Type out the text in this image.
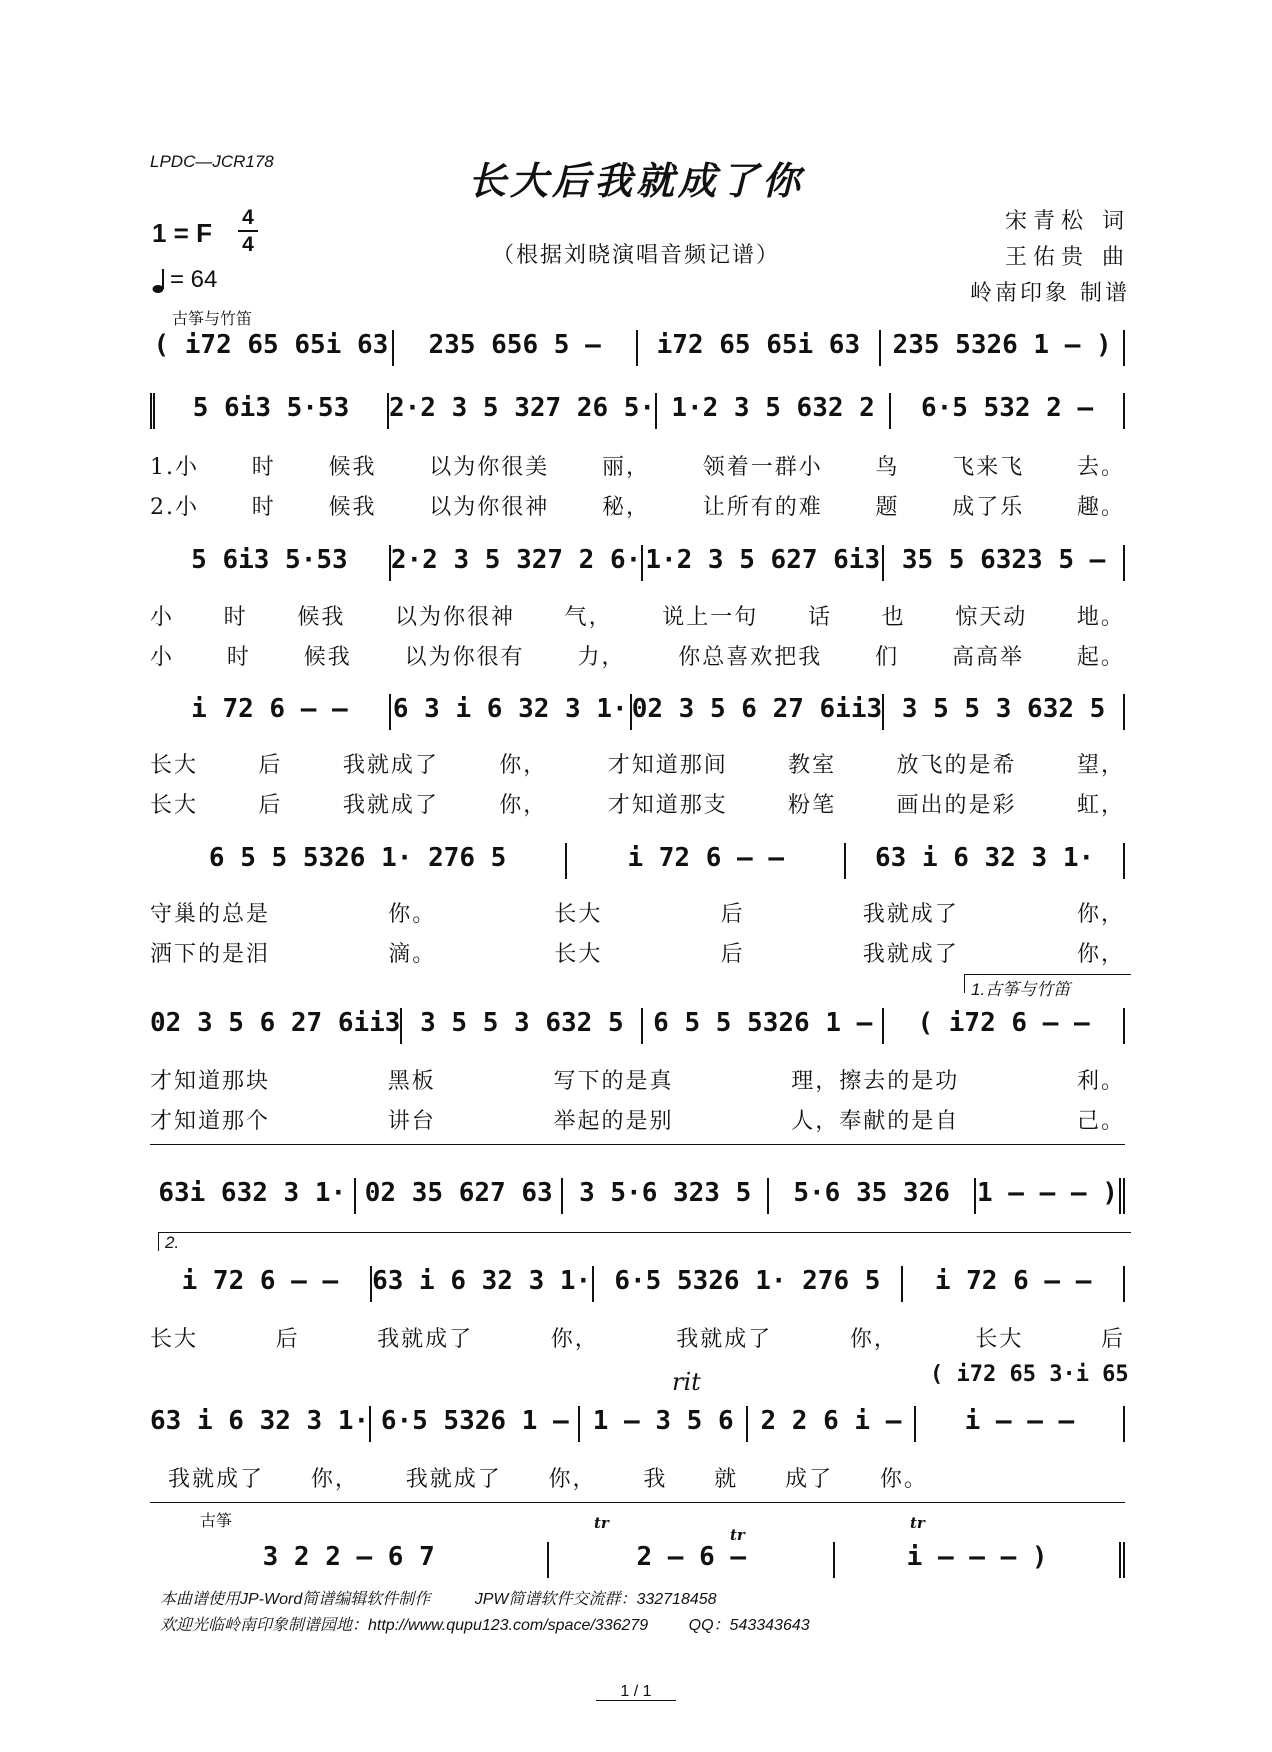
LPDC—JCR178	长大后我就成了你
（根据刘晓演唱音频记谱）
宋青松 词
王佑贵 曲
岭南印象 制谱
1 = F
4
4
= 64
古筝与竹笛
( i72 65 65i 63	235 656 5 –	i72 65 65i 63	235 5326 1 – )
5 6i3 5·53	2·2 3 5 327 26 5· 1·2 3 5 632 2	6·5 532 2 –
1.小 时 候我 以为你很美 丽， 领着一群小 鸟 飞来飞 去。
2.小 时 候我 以为你很神 秘， 让所有的难 题 成了乐 趣。
5 6i3 5·53	2·2 3 5 327 2 6· 1·2 3 5 627 6i3 35 5 6323 5 –
小 时 候我 以为你很神 气， 说上一句 话 也 惊天动 地。
小 时 候我 以为你很有 力， 你总喜欢把我 们 高高举 起。
i 72 6 – –	6 3 i 6 32 3 1· 02 3 5 6 27 6ii3 3 5 5 3 632 5
长大	后	我就成了	你，	才知道那间	教室	放飞的是希	望，
长大	后	我就成了	你，	才知道那支	粉笔	画出的是彩	虹，
6 5 5 5326 1· 276 5	i 72 6 – –	63 i 6 32 3 1·
守巢的总是	你。	长大	后	我就成了	你，
洒下的是泪	滴。	长大	后	我就成了	你，
1.古筝与竹笛
02 3 5 6 27 6ii3 3 5 5 3 632 5	6 5 5 5326 1 –	( i72 6 – –
才知道那块	黑板	写下的是真	理，擦去的是功	利。
才知道那个	讲台	举起的是别	人，奉献的是自	己。
63i 632 3 1· 02 35 627 63	3 5·6 323 5	5·6 35 326	1 – – – )
2.
i 72 6 – –	63 i 6 32 3 1· 6·5 5326 1· 276 5	i 72 6 – –
长大	后	我就成了	你，	我就成了	你，	长大	后
rit	( i72 65 3·i 65
63 i 6 32 3 1· 6·5 5326 1 – 1 – 3 5 6	2 2 6 i –	i – – –
我就成了 你， 我就成了 你， 我 就 成了 你。
古筝	tr
tr
tr
3 2 2 – 6 7	2 – 6 –	i – – – )
本曲谱使用JP-Word简谱编辑软件制作	JPW简谱软件交流群：332718458
欢迎光临岭南印象制谱园地：http://www.qupu123.com/space/336279	QQ：543343643
1 / 1
